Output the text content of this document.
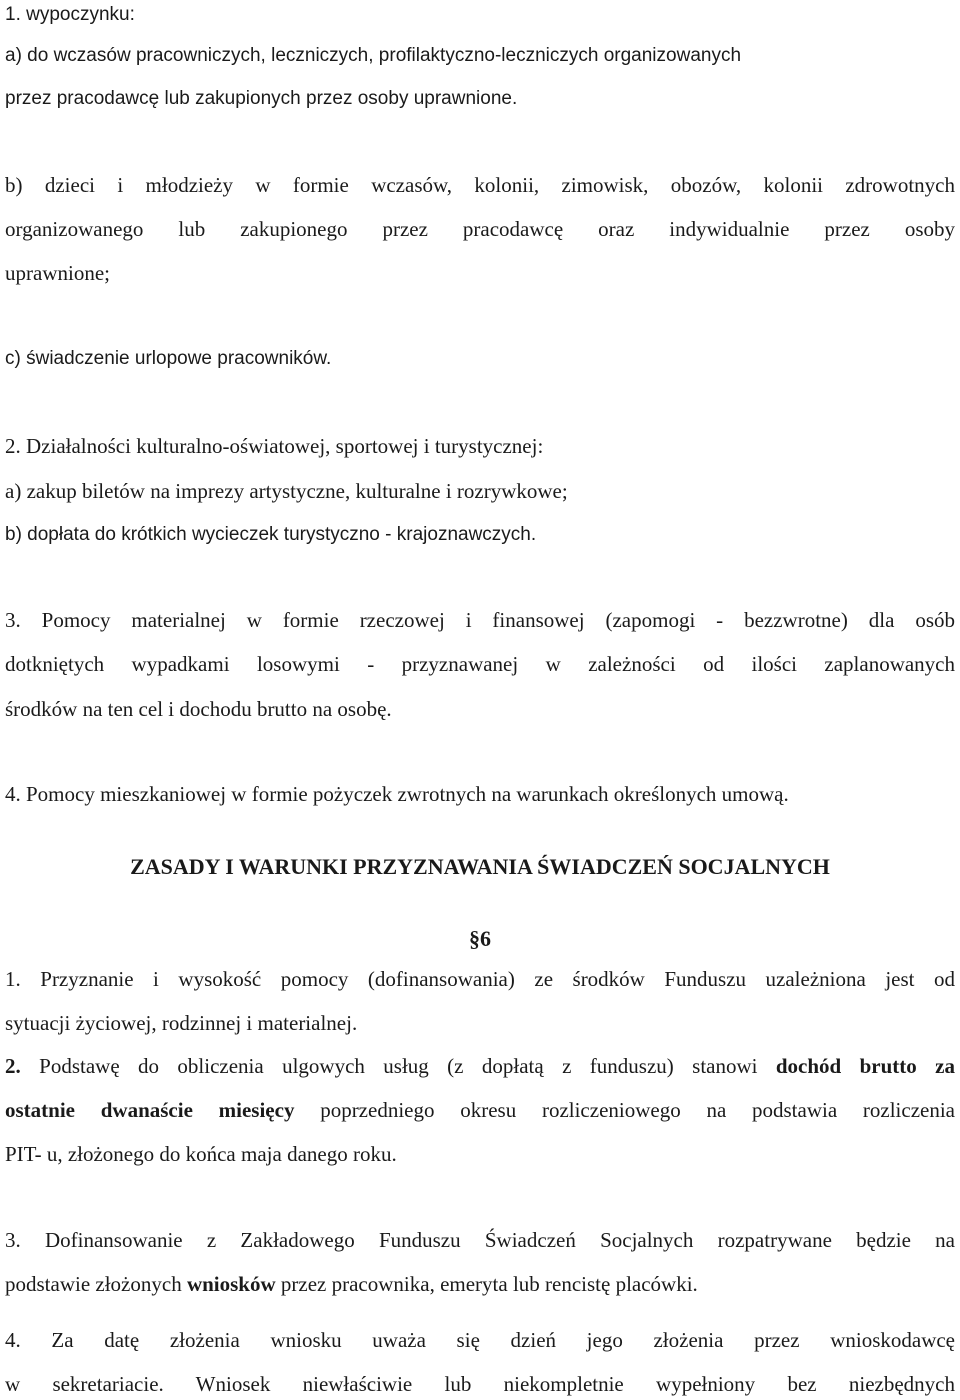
1. wypoczynku:
a) do wczasów pracowniczych, leczniczych, profilaktyczno-leczniczych organizowanych
przez pracodawcę lub zakupionych przez osoby uprawnione.
b) dzieci i młodzieży w formie wczasów, kolonii, zimowisk, obozów, kolonii zdrowotnych
organizowanego lub zakupionego przez pracodawcę oraz indywidualnie przez osoby
uprawnione;
c) świadczenie urlopowe pracowników.
2. Działalności kulturalno-oświatowej, sportowej i turystycznej:
a) zakup biletów na imprezy artystyczne, kulturalne i rozrywkowe;
b) dopłata do krótkich wycieczek turystyczno - krajoznawczych.
3. Pomocy materialnej w formie rzeczowej i finansowej (zapomogi - bezzwrotne) dla osób
dotkniętych wypadkami losowymi - przyznawanej w zależności od ilości zaplanowanych
środków na ten cel i dochodu brutto na osobę.
4. Pomocy mieszkaniowej w formie pożyczek zwrotnych na warunkach określonych umową.
ZASADY I WARUNKI PRZYZNAWANIA ŚWIADCZEŃ SOCJALNYCH
§6
1. Przyznanie i wysokość pomocy (dofinansowania) ze środków Funduszu uzależniona jest od
sytuacji życiowej, rodzinnej i materialnej.
2. Podstawę do obliczenia ulgowych usług (z dopłatą z funduszu) stanowi dochód brutto za
ostatnie dwanaście miesięcy poprzedniego okresu rozliczeniowego na podstawia rozliczenia
PIT- u, złożonego do końca maja danego roku.
3. Dofinansowanie z Zakładowego Funduszu Świadczeń Socjalnych rozpatrywane będzie na
podstawie złożonych wniosków przez pracownika, emeryta lub rencistę placówki.
4. Za datę złożenia wniosku uważa się dzień jego złożenia przez wnioskodawcę
w sekretariacie. Wniosek niewłaściwie lub niekompletnie wypełniony bez niezbędnych
